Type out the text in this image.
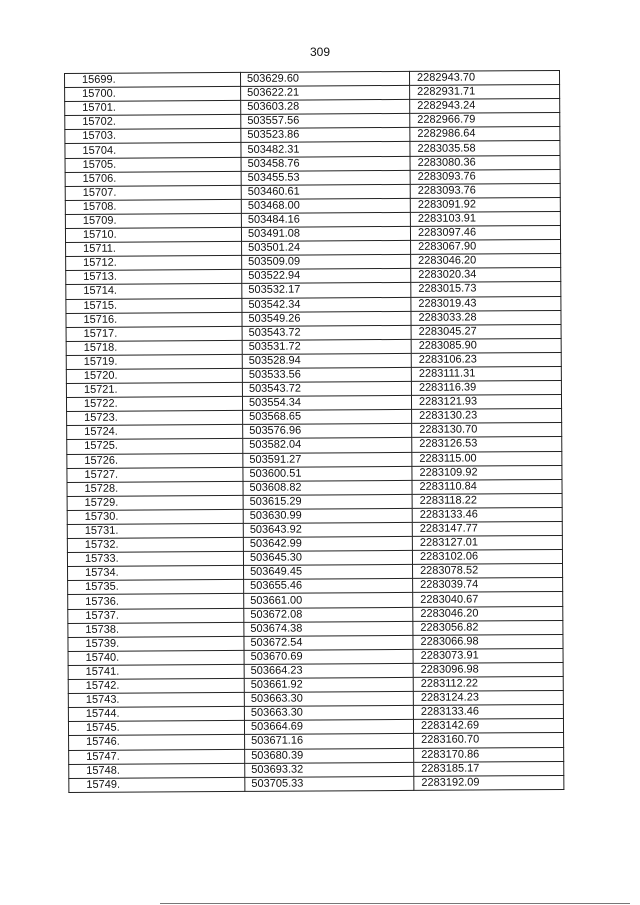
309
15699.	503629.60	2282943.70
15700.	503622.21	2282931.71
15701.	503603.28	2282943.24
15702.	503557.56	2282966.79
15703.	503523.86	2282986.64
15704.	503482.31	2283035.58
15705.	503458.76	2283080.36
15706.	503455.53	2283093.76
15707.	503460.61	2283093.76
15708.	503468.00	2283091.92
15709.	503484.16	2283103.91
15710.	503491.08	2283097.46
15711.	503501.24	2283067.90
15712.	503509.09	2283046.20
15713.	503522.94	2283020.34
15714.	503532.17	2283015.73
15715.	503542.34	2283019.43
15716.	503549.26	2283033.28
15717.	503543.72	2283045.27
15718.	503531.72	2283085.90
15719.	503528.94	2283106.23
15720.	503533.56	2283111.31
15721.	503543.72	2283116.39
15722.	503554.34	2283121.93
15723.	503568.65	2283130.23
15724.	503576.96	2283130.70
15725.	503582.04	2283126.53
15726.	503591.27	2283115.00
15727.	503600.51	2283109.92
15728.	503608.82	2283110.84
15729.	503615.29	2283118.22
15730.	503630.99	2283133.46
15731.	503643.92	2283147.77
15732.	503642.99	2283127.01
15733.	503645.30	2283102.06
15734.	503649.45	2283078.52
15735.	503655.46	2283039.74
15736.	503661.00	2283040.67
15737.	503672.08	2283046.20
15738.	503674.38	2283056.82
15739.	503672.54	2283066.98
15740.	503670.69	2283073.91
15741.	503664.23	2283096.98
15742.	503661.92	2283112.22
15743.	503663.30	2283124.23
15744.	503663.30	2283133.46
15745.	503664.69	2283142.69
15746.	503671.16	2283160.70
15747.	503680.39	2283170.86
15748.	503693.32	2283185.17
15749.	503705.33	2283192.09
